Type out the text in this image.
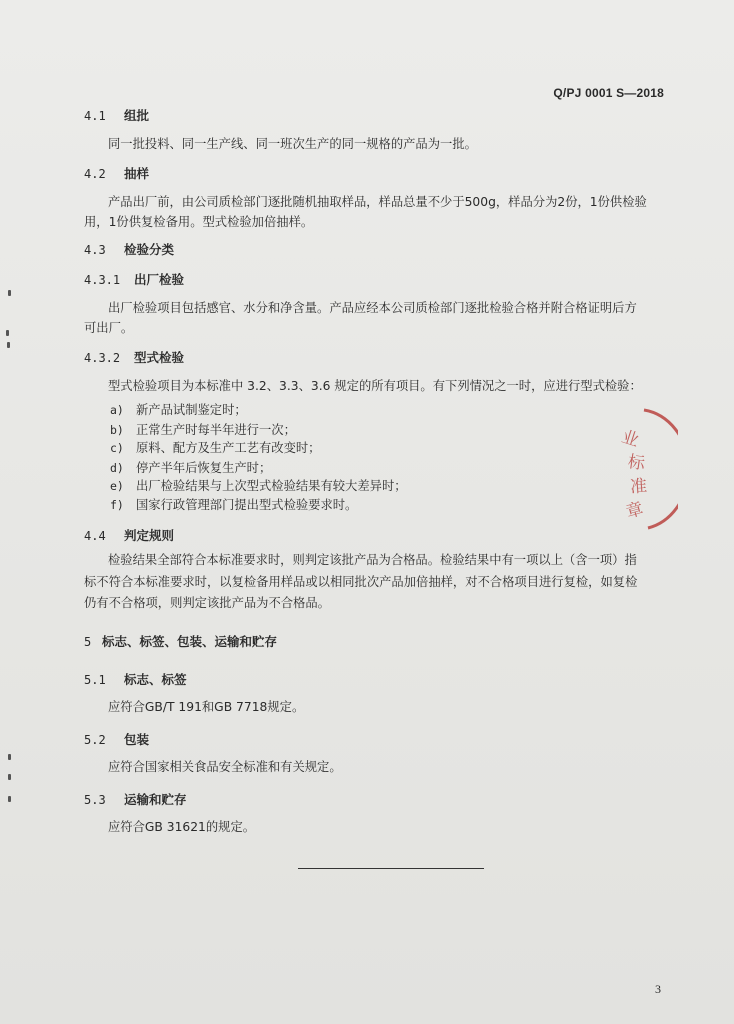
Q/PJ 0001 S—2018
4.1 组批
同一批投料、同一生产线、同一班次生产的同一规格的产品为一批。
4.2 抽样
产品出厂前，由公司质检部门逐批随机抽取样品，样品总量不少于500g，样品分为2份，1份供检验
用，1份供复检备用。型式检验加倍抽样。
4.3 检验分类
4.3.1 出厂检验
出厂检验项目包括感官、水分和净含量。产品应经本公司质检部门逐批检验合格并附合格证明后方
可出厂。
4.3.2 型式检验
型式检验项目为本标准中 3.2、3.3、3.6 规定的所有项目。有下列情况之一时，应进行型式检验：
a) 新产品试制鉴定时；
b) 正常生产时每半年进行一次；
c) 原料、配方及生产工艺有改变时；
d) 停产半年后恢复生产时；
e) 出厂检验结果与上次型式检验结果有较大差异时；
f) 国家行政管理部门提出型式检验要求时。
4.4 判定规则
检验结果全部符合本标准要求时，则判定该批产品为合格品。检验结果中有一项以上（含一项）指
标不符合本标准要求时，以复检备用样品或以相同批次产品加倍抽样，对不合格项目进行复检，如复检
仍有不合格项，则判定该批产品为不合格品。
5 标志、标签、包装、运输和贮存
5.1 标志、标签
应符合GB/T 191和GB 7718规定。
5.2 包装
应符合国家相关食品安全标准和有关规定。
5.3 运输和贮存
应符合GB 31621的规定。
3
业
标
准
章
